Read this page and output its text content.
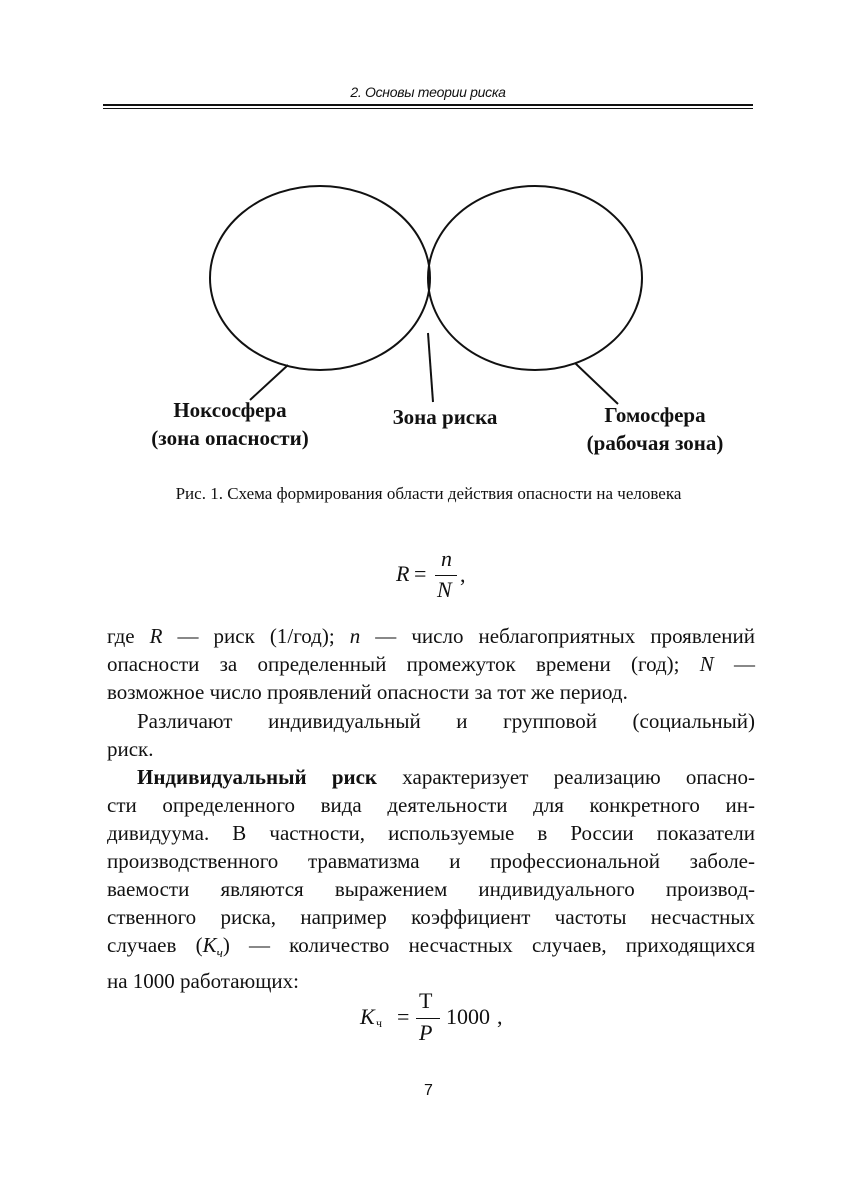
2. Основы теории риска
Ноксосфера
(зона опасности)
Зона риска	Гомосфера
(рабочая зона)
Рис. 1. Схема формирования области действия опасности на человека
R =
n
N
,
где R — риск (1/год); n — число неблагоприятных проявлений
опасности за определенный промежуток времени (год); N —
возможное число проявлений опасности за тот же период.
Различают индивидуальный и групповой (социальный)
риск.
Индивидуальный риск характеризует реализацию опасно-
сти определенного вида деятельности для конкретного ин-
дивидуума. В частности, используемые в России показатели
производственного травматизма и профессиональной заболе-
ваемости являются выражением индивидуального производ-
ственного риска, например коэффициент частоты несчастных
случаев $(K_ч)$ — количество несчастных случаев, приходящихся
на 1000 работающих:
K ч =
Т
P
1000 ,
7
